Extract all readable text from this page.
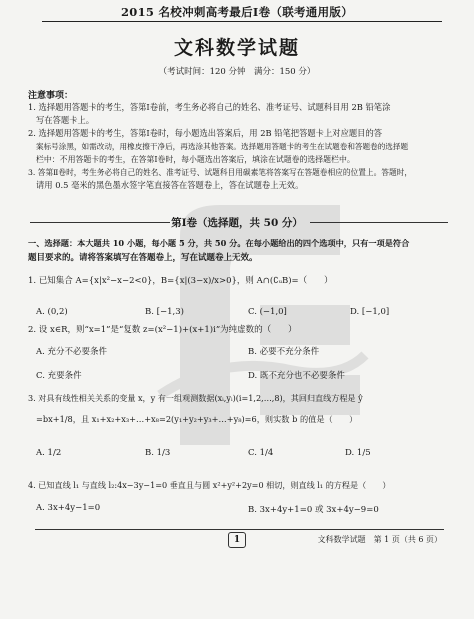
2015 名校冲刺高考最后Ⅰ卷（联考通用版）
文科数学试题
（考试时间：120 分钟　满分：150 分）
注意事项：
1. 选择题用答题卡的考生，答第Ⅰ卷前，考生务必将自己的姓名、准考证号、试题科目用 2B 铅笔涂
写在答题卡上。
2. 选择题用答题卡的考生，答第Ⅰ卷时，每小题选出答案后，用 2B 铅笔把答题卡上对应题目的答
案标号涂黑，如需改动，用橡皮擦干净后，再选涂其他答案。选择题用答题卡的考生在试题卷和答题卷的选择题
栏中：不用答题卡的考生，在答第Ⅰ卷时，每小题选出答案后，填涂在试题卷的选择题栏中。
3. 答第Ⅱ卷时，考生务必将自己的姓名、准考证号、试题科目用碳素笔将答案写在答题卷相应的位置上。答题时，
请用 0.5 毫米的黑色墨水签字笔直接答在答题卷上，答在试题卷上无效。
第Ⅰ卷（选择题，共 50 分）
一、选择题：本大题共 10 小题，每小题 5 分，共 50 分。在每小题给出的四个选项中，只有一项是符合
题目要求的。请将答案填写在答题卷上，写在试题卷上无效。
1. 已知集合 A={x|x²−x−2<0}，B={x|(3−x)/x>0}，则 A∩(∁ᵤB)=（　　）
A. (0,2)	B. [−1,3)	C. (−1,0]	D. [−1,0]
2. 设 x∈R，则“x=1”是“复数 z=(x²−1)+(x+1)i”为纯虚数的（　　）
A. 充分不必要条件	B. 必要不充分条件
C. 充要条件	D. 既不充分也不必要条件
3. 对具有线性相关关系的变量 x，y 有一组观测数据(xᵢ,yᵢ)(i=1,2,…,8)，其回归直线方程是 ŷ
=bx+1/8，且 x₁+x₂+x₃+…+x₈=2(y₁+y₂+y₃+…+y₈)=6，则实数 b 的值是（　　）
A. 1/2	B. 1/3	C. 1/4	D. 1/5
4. 已知直线 l₁ 与直线 l₂:4x−3y−1=0 垂直且与圆 x²+y²+2y=0 相切，则直线 l₁ 的方程是（　　）
A. 3x+4y−1=0	B. 3x+4y+1=0 或 3x+4y−9=0
1	文科数学试题　第 1 页（共 6 页）
